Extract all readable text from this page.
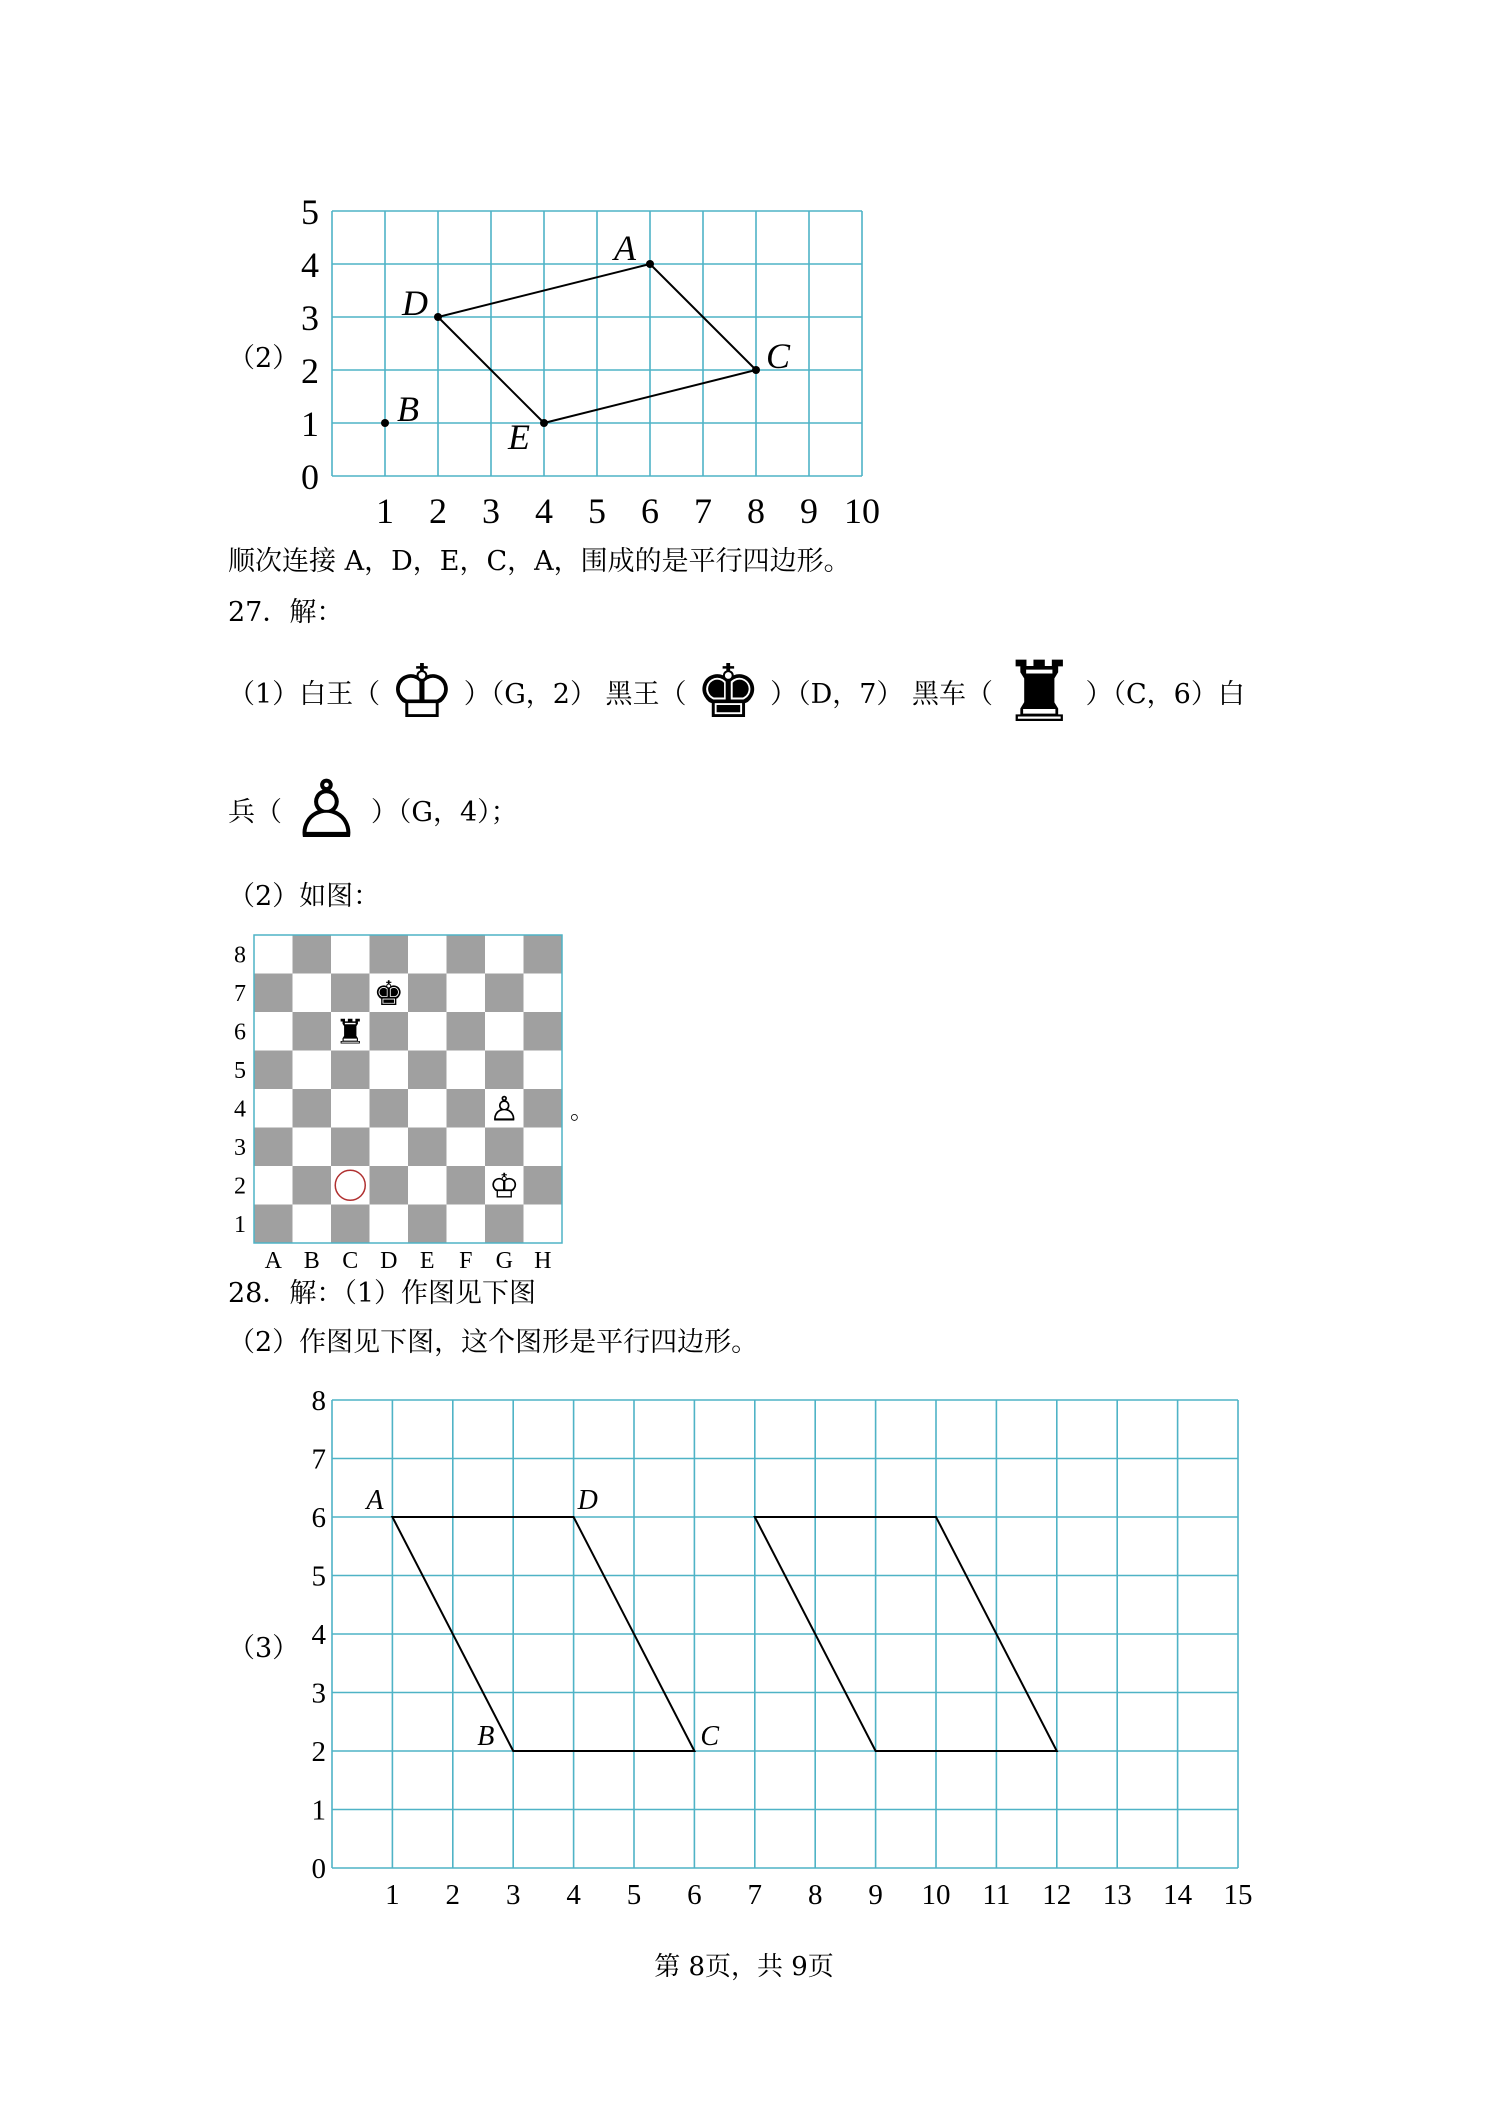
（2）
1 2 3 4 5 6 7 8 9 10
0
1
2
3
4
5
A
D
C
B
E
顺次连接 A，D，E，C，A，围成的是平行四边形。
27．解：
（1）白王（ ♔ ）（G，2） 黑王（ ♚ ）（D，7） 黑车（ ♜ ）（C，6）白
兵（ ♙ ）（G，4）；
（2）如图：
8
7
6
5
4
3
2
1
A B C D E F G H
♚
♜
♙
♔
。
28．解：（1）作图见下图
（2）作图见下图，这个图形是平行四边形。
（3）
1 2 3 4 5 6 7 8 9 10 11 12 13 14 15
0
1
2
3
4
5
6
7
8
A	D
C
B
第 8页，共 9页
